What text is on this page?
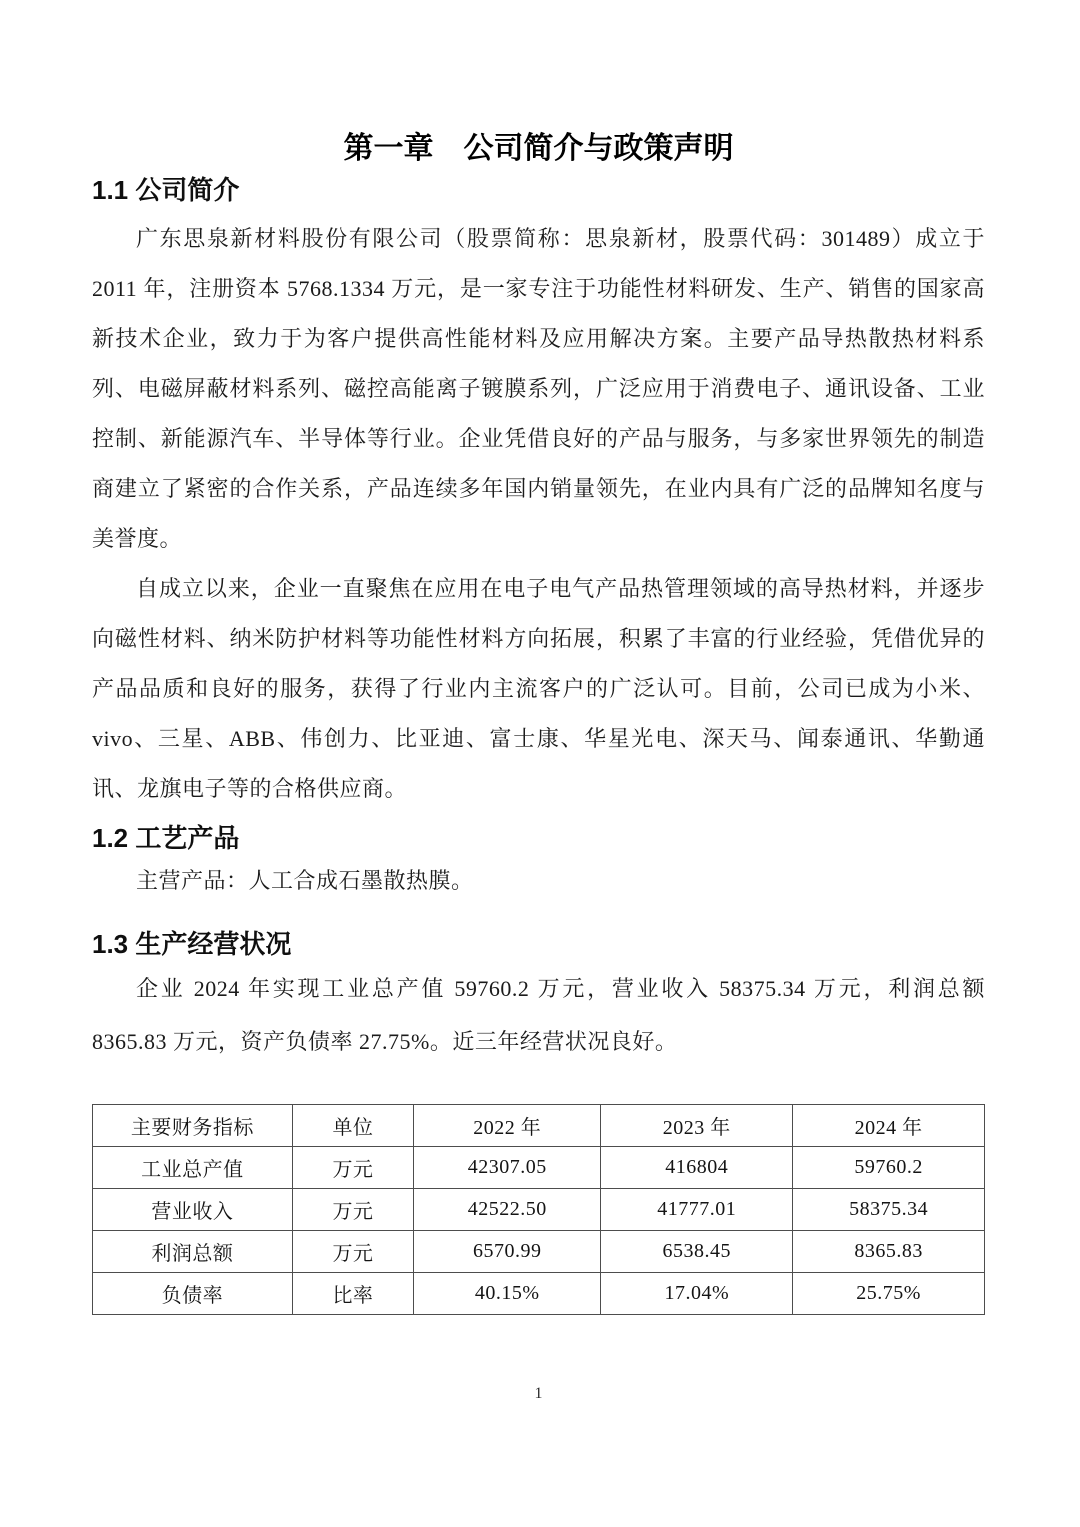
第一章　公司简介与政策声明
1.1 公司简介

广东思泉新材料股份有限公司（股票简称：思泉新材，股票代码：301489）成立于 2011 年，注册资本 5768.1334 万元，是一家专注于功能性材料研发、生产、销售的国家高新技术企业，致力于为客户提供高性能材料及应用解决方案。主要产品导热散热材料系列、电磁屏蔽材料系列、磁控高能离子镀膜系列，广泛应用于消费电子、通讯设备、工业控制、新能源汽车、半导体等行业。企业凭借良好的产品与服务，与多家世界领先的制造商建立了紧密的合作关系，产品连续多年国内销量领先，在业内具有广泛的品牌知名度与美誉度。

自成立以来，企业一直聚焦在应用在电子电气产品热管理领域的高导热材料，并逐步向磁性材料、纳米防护材料等功能性材料方向拓展，积累了丰富的行业经验，凭借优异的产品品质和良好的服务，获得了行业内主流客户的广泛认可。目前，公司已成为小米、vivo、三星、ABB、伟创力、比亚迪、富士康、华星光电、深天马、闻泰通讯、华勤通讯、龙旗电子等的合格供应商。

1.2 工艺产品

主营产品：人工合成石墨散热膜。

1.3 生产经营状况

企业 2024 年实现工业总产值 59760.2 万元，营业收入 58375.34 万元，利润总额 8365.83 万元，资产负债率 27.75%。近三年经营状况良好。

主要财务指标	单位	2022 年	2023 年	2024 年
工业总产值	万元	42307.05	416804	59760.2
营业收入	万元	42522.50	41777.01	58375.34
利润总额	万元	6570.99	6538.45	8365.83
负债率	比率	40.15%	17.04%	25.75%
1
